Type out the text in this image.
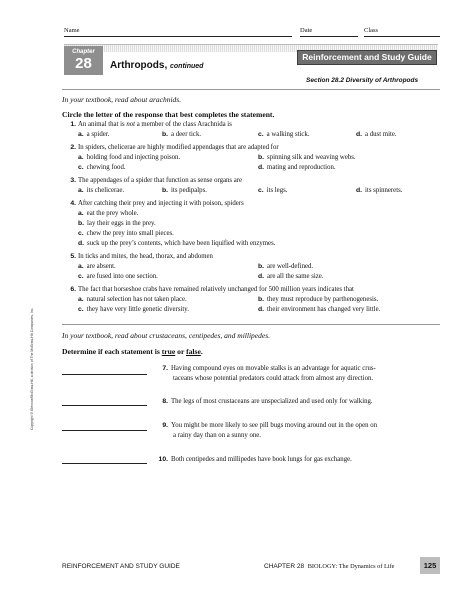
Name	Date	Class
Chapter
28	Arthropods, continued
Reinforcement and Study Guide
Section 28.2 Diversity of Arthropods
In your textbook, read about arachnids.
Circle the letter of the response that best completes the statement.
1. An animal that is not a member of the class Arachnida is
a. a spider.	b. a deer tick.	c. a walking stick.	d. a dust mite.
2. In spiders, chelicerae are highly modified appendages that are adapted for
a. holding food and injecting poison.	b. spinning silk and weaving webs.
c. chewing food.	d. mating and reproduction.
3. The appendages of a spider that function as sense organs are
a. its chelicerae.	b. its pedipalps.	c. its legs.	d. its spinnerets.
4. After catching their prey and injecting it with poison, spiders
a. eat the prey whole.
b. lay their eggs in the prey.
c. chew the prey into small pieces.
d. suck up the prey’s contents, which have been liquified with enzymes.
5. In ticks and mites, the head, thorax, and abdomen
a. are absent.	b. are well-defined.
c. are fused into one section.	d. are all the same size.
6. The fact that horseshoe crabs have remained relatively unchanged for 500 million years indicates that
a. natural selection has not taken place.	b. they must reproduce by parthenogenesis.
c. they have very little genetic diversity.	d. their environment has changed very little.
In your textbook, read about crustaceans, centipedes, and millipedes.
Determine if each statement is true or false.
7. Having compound eyes on movable stalks is an advantage for aquatic crus-
taceans whose potential predators could attack from almost any direction.
8. The legs of most crustaceans are unspecialized and used only for walking.
9. You might be more likely to see pill bugs moving around out in the open on
a rainy day than on a sunny one.
10. Both centipedes and millipedes have book lungs for gas exchange.
Copyright © Glencoe/McGraw-Hill, a division of The McGraw-Hill Companies, Inc.
REINFORCEMENT AND STUDY GUIDE	CHAPTER 28 BIOLOGY: The Dynamics of Life	125
